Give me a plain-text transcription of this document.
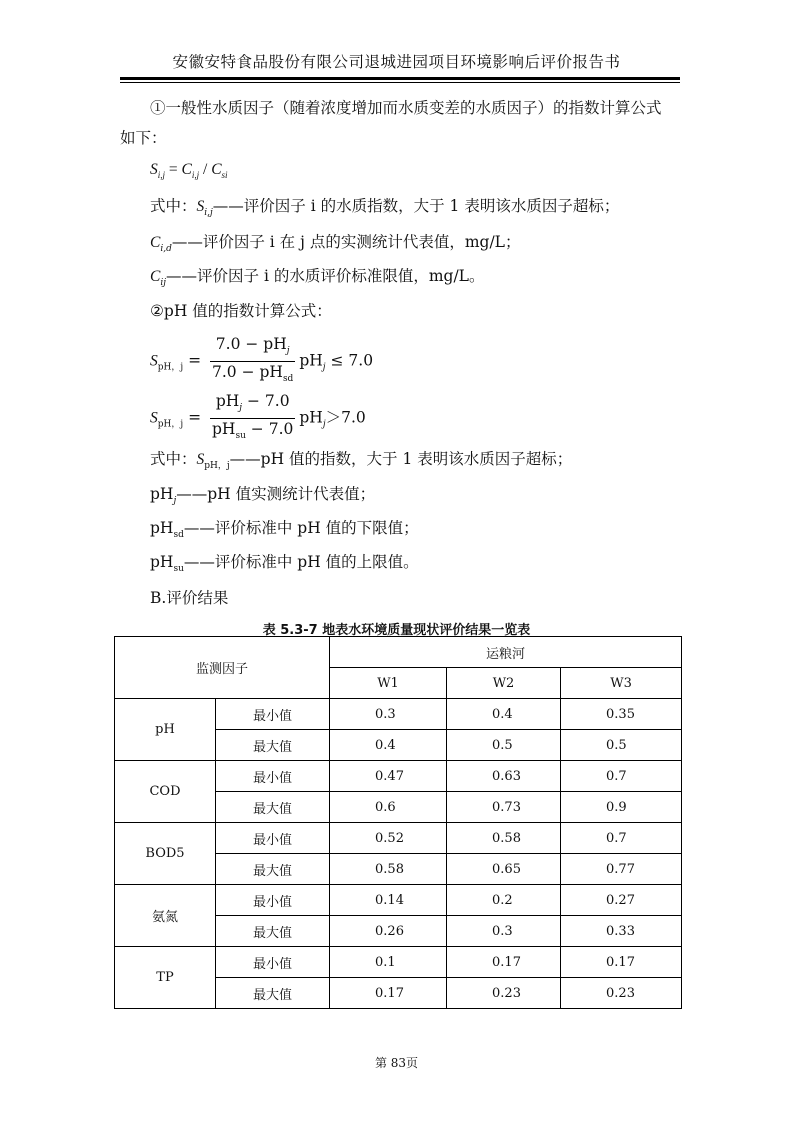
安徽安特食品股份有限公司退城进园项目环境影响后评价报告书
①一般性水质因子（随着浓度增加而水质变差的水质因子）的指数计算公式
如下：
$S_{i,j} = C_{i,j} / C_{si}$
式中：$S_{i,j}——$评价因子 i 的水质指数，大于 1 表明该水质因子超标；
$C_{i,d}——$评价因子 i 在 j 点的实测统计代表值，mg/L；
$C_{ij}——$评价因子 i 的水质评价标准限值，mg/L。
②pH 值的指数计算公式：
$S_{pH,j} = \frac{7.0 - pH_j}{7.0 - pH_{sd}} pH_j \le 7.0$
$S_{pH,j} = \frac{pH_j - 7.0}{pH_{su} - 7.0} pH_j>7.0$
式中：$S_{pH,j}——pH$ 值的指数，大于 1 表明该水质因子超标；
$pH_j——pH$ 值实测统计代表值；
$pH_{sd}——$评价标准中 pH 值的下限值；
$pH_{su}——$评价标准中 pH 值的上限值。
B.评价结果
表 5.3-7 地表水环境质量现状评价结果一览表
监测因子		运粮河		
		W1	W2	W3
pH	最小值	0.3	0.4	0.35
	最大值	0.4	0.5	0.5
COD	最小值	0.47	0.63	0.7
	最大值	0.6	0.73	0.9
BOD5	最小值	0.52	0.58	0.7
	最大值	0.58	0.65	0.77
氨氮	最小值	0.14	0.2	0.27
	最大值	0.26	0.3	0.33
TP	最小值	0.1	0.17	0.17
	最大值	0.17	0.23	0.23
第 83页
